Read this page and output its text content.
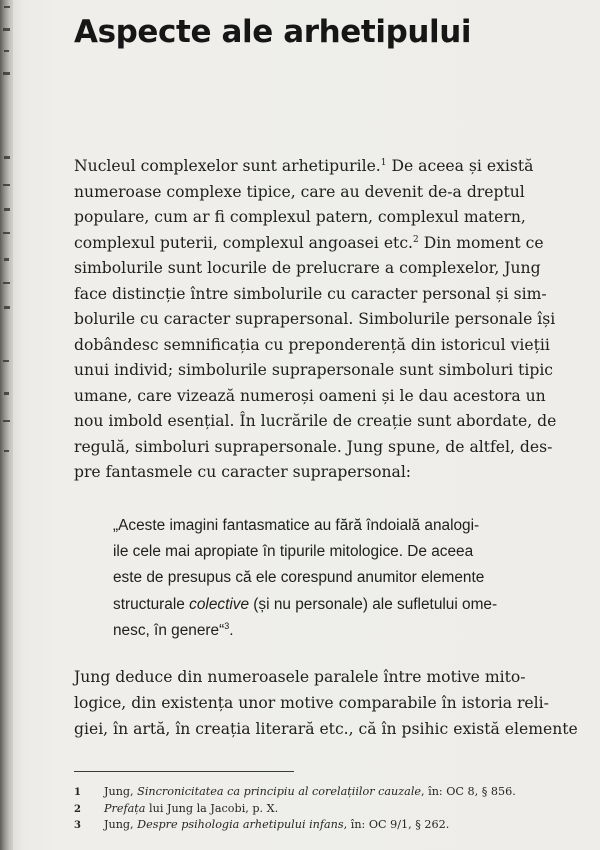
Aspecte ale arhetipului
Nucleul complexelor sunt arhetipurile.$^1$ De aceea și există
numeroase complexe tipice, care au devenit de-a dreptul
populare, cum ar fi complexul patern, complexul matern,
complexul puterii, complexul angoasei etc.$^2$ Din moment ce
simbolurile sunt locurile de prelucrare a complexelor, Jung
face distincție între simbolurile cu caracter personal și sim-
bolurile cu caracter suprapersonal. Simbolurile personale își
dobândesc semnificația cu preponderență din istoricul vieții
unui individ; simbolurile suprapersonale sunt simboluri tipic
umane, care vizează numeroși oameni și le dau acestora un
nou imbold esențial. În lucrările de creație sunt abordate, de
regulă, simboluri suprapersonale. Jung spune, de altfel, des-
pre fantasmele cu caracter suprapersonal:
„Aceste imagini fantasmatice au fără îndoială analogi-
ile cele mai apropiate în tipurile mitologice. De aceea
este de presupus că ele corespund anumitor elemente
structurale colective (și nu personale) ale sufletului ome-
nesc, în genere“$^3$.
Jung deduce din numeroasele paralele între motive mito-
logice, din existența unor motive comparabile în istoria reli-
giei, în artă, în creația literară etc., că în psihic există elemente
1 Jung, Sincronicitatea ca principiu al corelațiilor cauzale, în: OC 8, § 856.
2 Prefața lui Jung la Jacobi, p. X.
3 Jung, Despre psihologia arhetipului infans, în: OC 9/1, § 262.
